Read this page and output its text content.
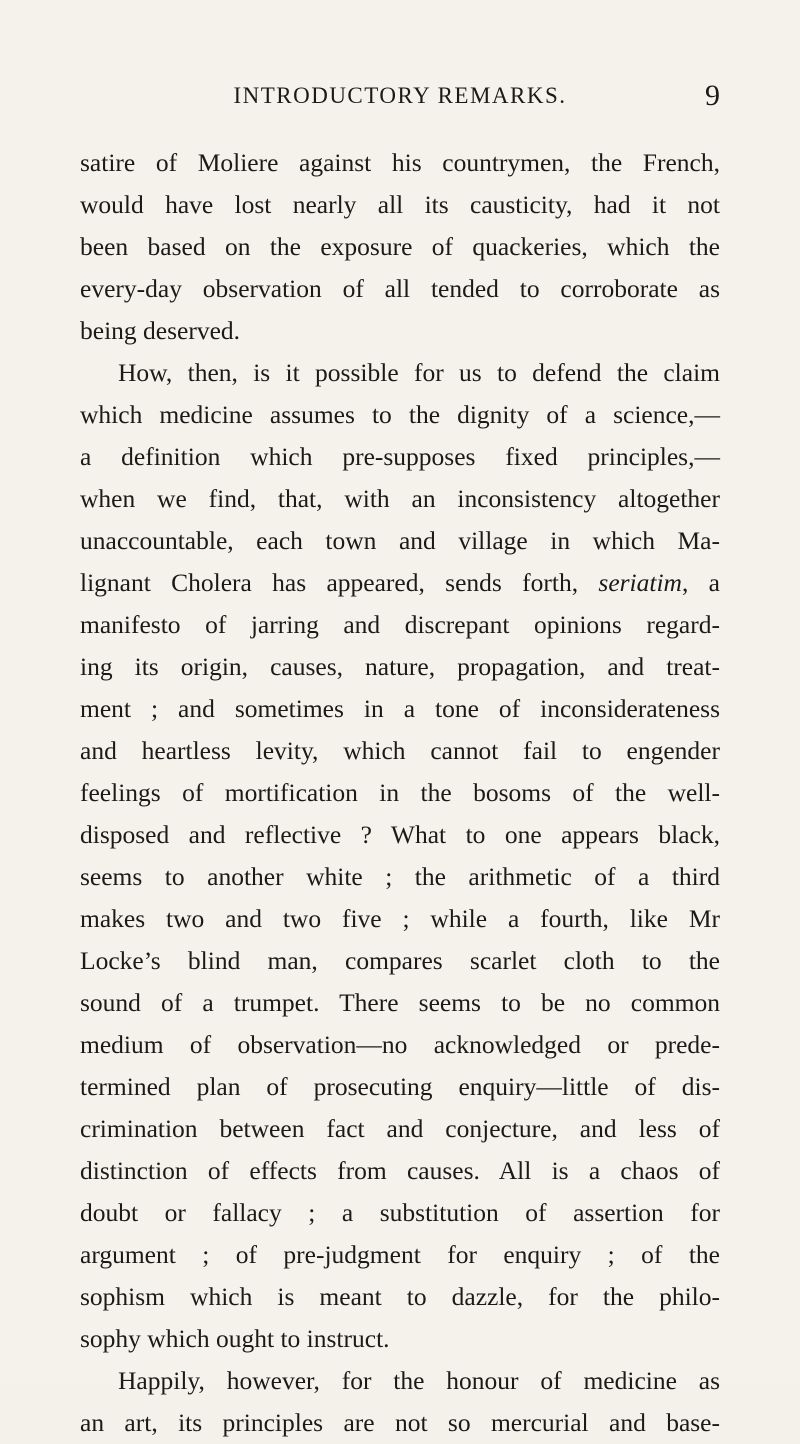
INTRODUCTORY REMARKS.	9
satire of Moliere against his countrymen, the French,
would have lost nearly all its causticity, had it not
been based on the exposure of quackeries, which the
every-day observation of all tended to corroborate as
being deserved.
How, then, is it possible for us to defend the claim
which medicine assumes to the dignity of a science,—
a definition which pre-supposes fixed principles,—
when we find, that, with an inconsistency altogether
unaccountable, each town and village in which Ma-
lignant Cholera has appeared, sends forth, seriatim, a
manifesto of jarring and discrepant opinions regard-
ing its origin, causes, nature, propagation, and treat-
ment ; and sometimes in a tone of inconsiderateness
and heartless levity, which cannot fail to engender
feelings of mortification in the bosoms of the well-
disposed and reflective ? What to one appears black,
seems to another white ; the arithmetic of a third
makes two and two five ; while a fourth, like Mr
Locke’s blind man, compares scarlet cloth to the
sound of a trumpet. There seems to be no common
medium of observation—no acknowledged or prede-
termined plan of prosecuting enquiry—little of dis-
crimination between fact and conjecture, and less of
distinction of effects from causes. All is a chaos of
doubt or fallacy ; a substitution of assertion for
argument ; of pre-judgment for enquiry ; of the
sophism which is meant to dazzle, for the philo-
sophy which ought to instruct.
Happily, however, for the honour of medicine as
an art, its principles are not so mercurial and base-
